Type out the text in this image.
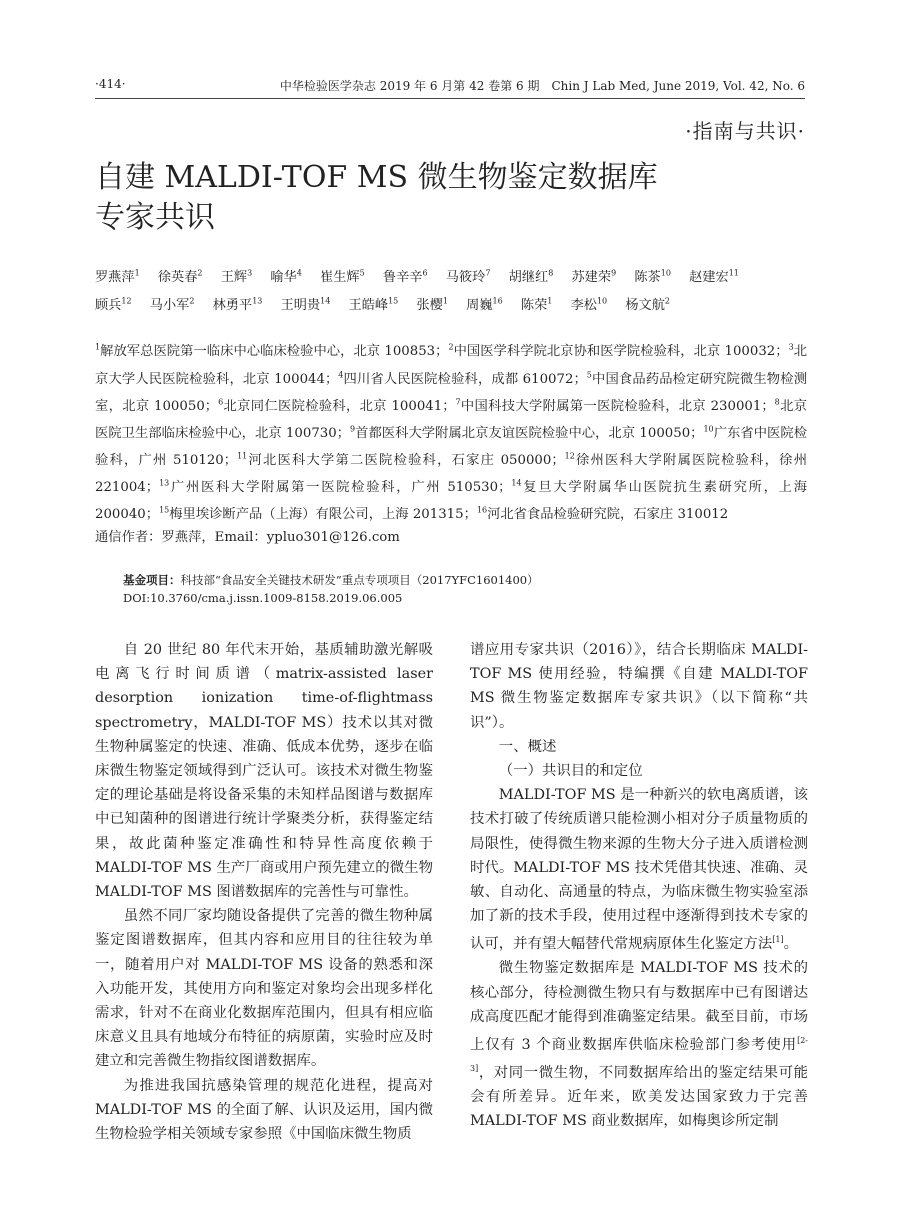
·414·	中华检验医学杂志 2019 年 6 月第 42 卷第 6 期　Chin J Lab Med, June 2019, Vol. 42, No. 6
·指南与共识·
自建 MALDI-TOF MS 微生物鉴定数据库
专家共识
罗燕萍$^1$ 徐英春$^2$ 王辉$^3$ 喻华$^4$ 崔生辉$^5$ 鲁辛辛$^6$ 马筱玲$^7$ 胡继红$^8$ 苏建荣$^9$ 陈茶$^{10}$ 赵建宏$^{11}$ 顾兵$^{12}$ 马小军$^2$ 林勇平$^{13}$ 王明贵$^{14}$ 王皓峰$^{15}$ 张樱$^1$ 周巍$^{16}$ 陈荣$^1$ 李松$^{10}$ 杨文航$^2$
$^1$解放军总医院第一临床中心临床检验中心，北京 100853；$^2$中国医学科学院北京协和医学院检验科，北京 100032；$^3$北京大学人民医院检验科，北京 100044；$^4$四川省人民医院检验科，成都 610072；$^5$中国食品药品检定研究院微生物检测室，北京 100050；$^6$北京同仁医院检验科，北京 100041；$^7$中国科技大学附属第一医院检验科，北京 230001；$^8$北京医院卫生部临床检验中心，北京 100730；$^9$首都医科大学附属北京友谊医院检验中心，北京 100050；$^{10}$广东省中医院检验科，广州 510120；$^{11}$河北医科大学第二医院检验科，石家庄 050000；$^{12}$徐州医科大学附属医院检验科，徐州 221004；$^{13}$广州医科大学附属第一医院检验科，广州 510530；$^{14}$复旦大学附属华山医院抗生素研究所，上海 200040；$^{15}$梅里埃诊断产品（上海）有限公司，上海 201315；$^{16}$河北省食品检验研究院，石家庄 310012
通信作者：罗燕萍，Email：ypluo301@126.com
基金项目：科技部“食品安全关键技术研发”重点专项项目（2017YFC1601400）
DOI:10.3760/cma.j.issn.1009-8158.2019.06.005

自 20 世纪 80 年代末开始，基质辅助激光解吸电离飞行时间质谱（matrix-assisted laser desorption ionization time-of-flightmass spectrometry，MALDI-TOF MS）技术以其对微生物种属鉴定的快速、准确、低成本优势，逐步在临床微生物鉴定领域得到广泛认可。该技术对微生物鉴定的理论基础是将设备采集的未知样品图谱与数据库中已知菌种的图谱进行统计学聚类分析，获得鉴定结果，故此菌种鉴定准确性和特异性高度依赖于 MALDI-TOF MS 生产厂商或用户预先建立的微生物 MALDI-TOF MS 图谱数据库的完善性与可靠性。

虽然不同厂家均随设备提供了完善的微生物种属鉴定图谱数据库，但其内容和应用目的往往较为单一，随着用户对 MALDI-TOF MS 设备的熟悉和深入功能开发，其使用方向和鉴定对象均会出现多样化需求，针对不在商业化数据库范围内，但具有相应临床意义且具有地域分布特征的病原菌，实验时应及时建立和完善微生物指纹图谱数据库。

为推进我国抗感染管理的规范化进程，提高对 MALDI-TOF MS 的全面了解、认识及运用，国内微生物检验学相关领域专家参照《中国临床微生物质

谱应用专家共识（2016）》，结合长期临床 MALDI-TOF MS 使用经验，特编撰《自建 MALDI-TOF MS 微生物鉴定数据库专家共识》（以下简称“共识”）。

一、概述

（一）共识目的和定位

MALDI-TOF MS 是一种新兴的软电离质谱，该技术打破了传统质谱只能检测小相对分子质量物质的局限性，使得微生物来源的生物大分子进入质谱检测时代。MALDI-TOF MS 技术凭借其快速、准确、灵敏、自动化、高通量的特点，为临床微生物实验室添加了新的技术手段，使用过程中逐渐得到技术专家的认可，并有望大幅替代常规病原体生化鉴定方法[1]。

微生物鉴定数据库是 MALDI-TOF MS 技术的核心部分，待检测微生物只有与数据库中已有图谱达成高度匹配才能得到准确鉴定结果。截至目前，市场上仅有 3 个商业数据库供临床检验部门参考使用[2-3]，对同一微生物，不同数据库给出的鉴定结果可能会有所差异。近年来，欧美发达国家致力于完善 MALDI-TOF MS 商业数据库，如梅奥诊所定制
